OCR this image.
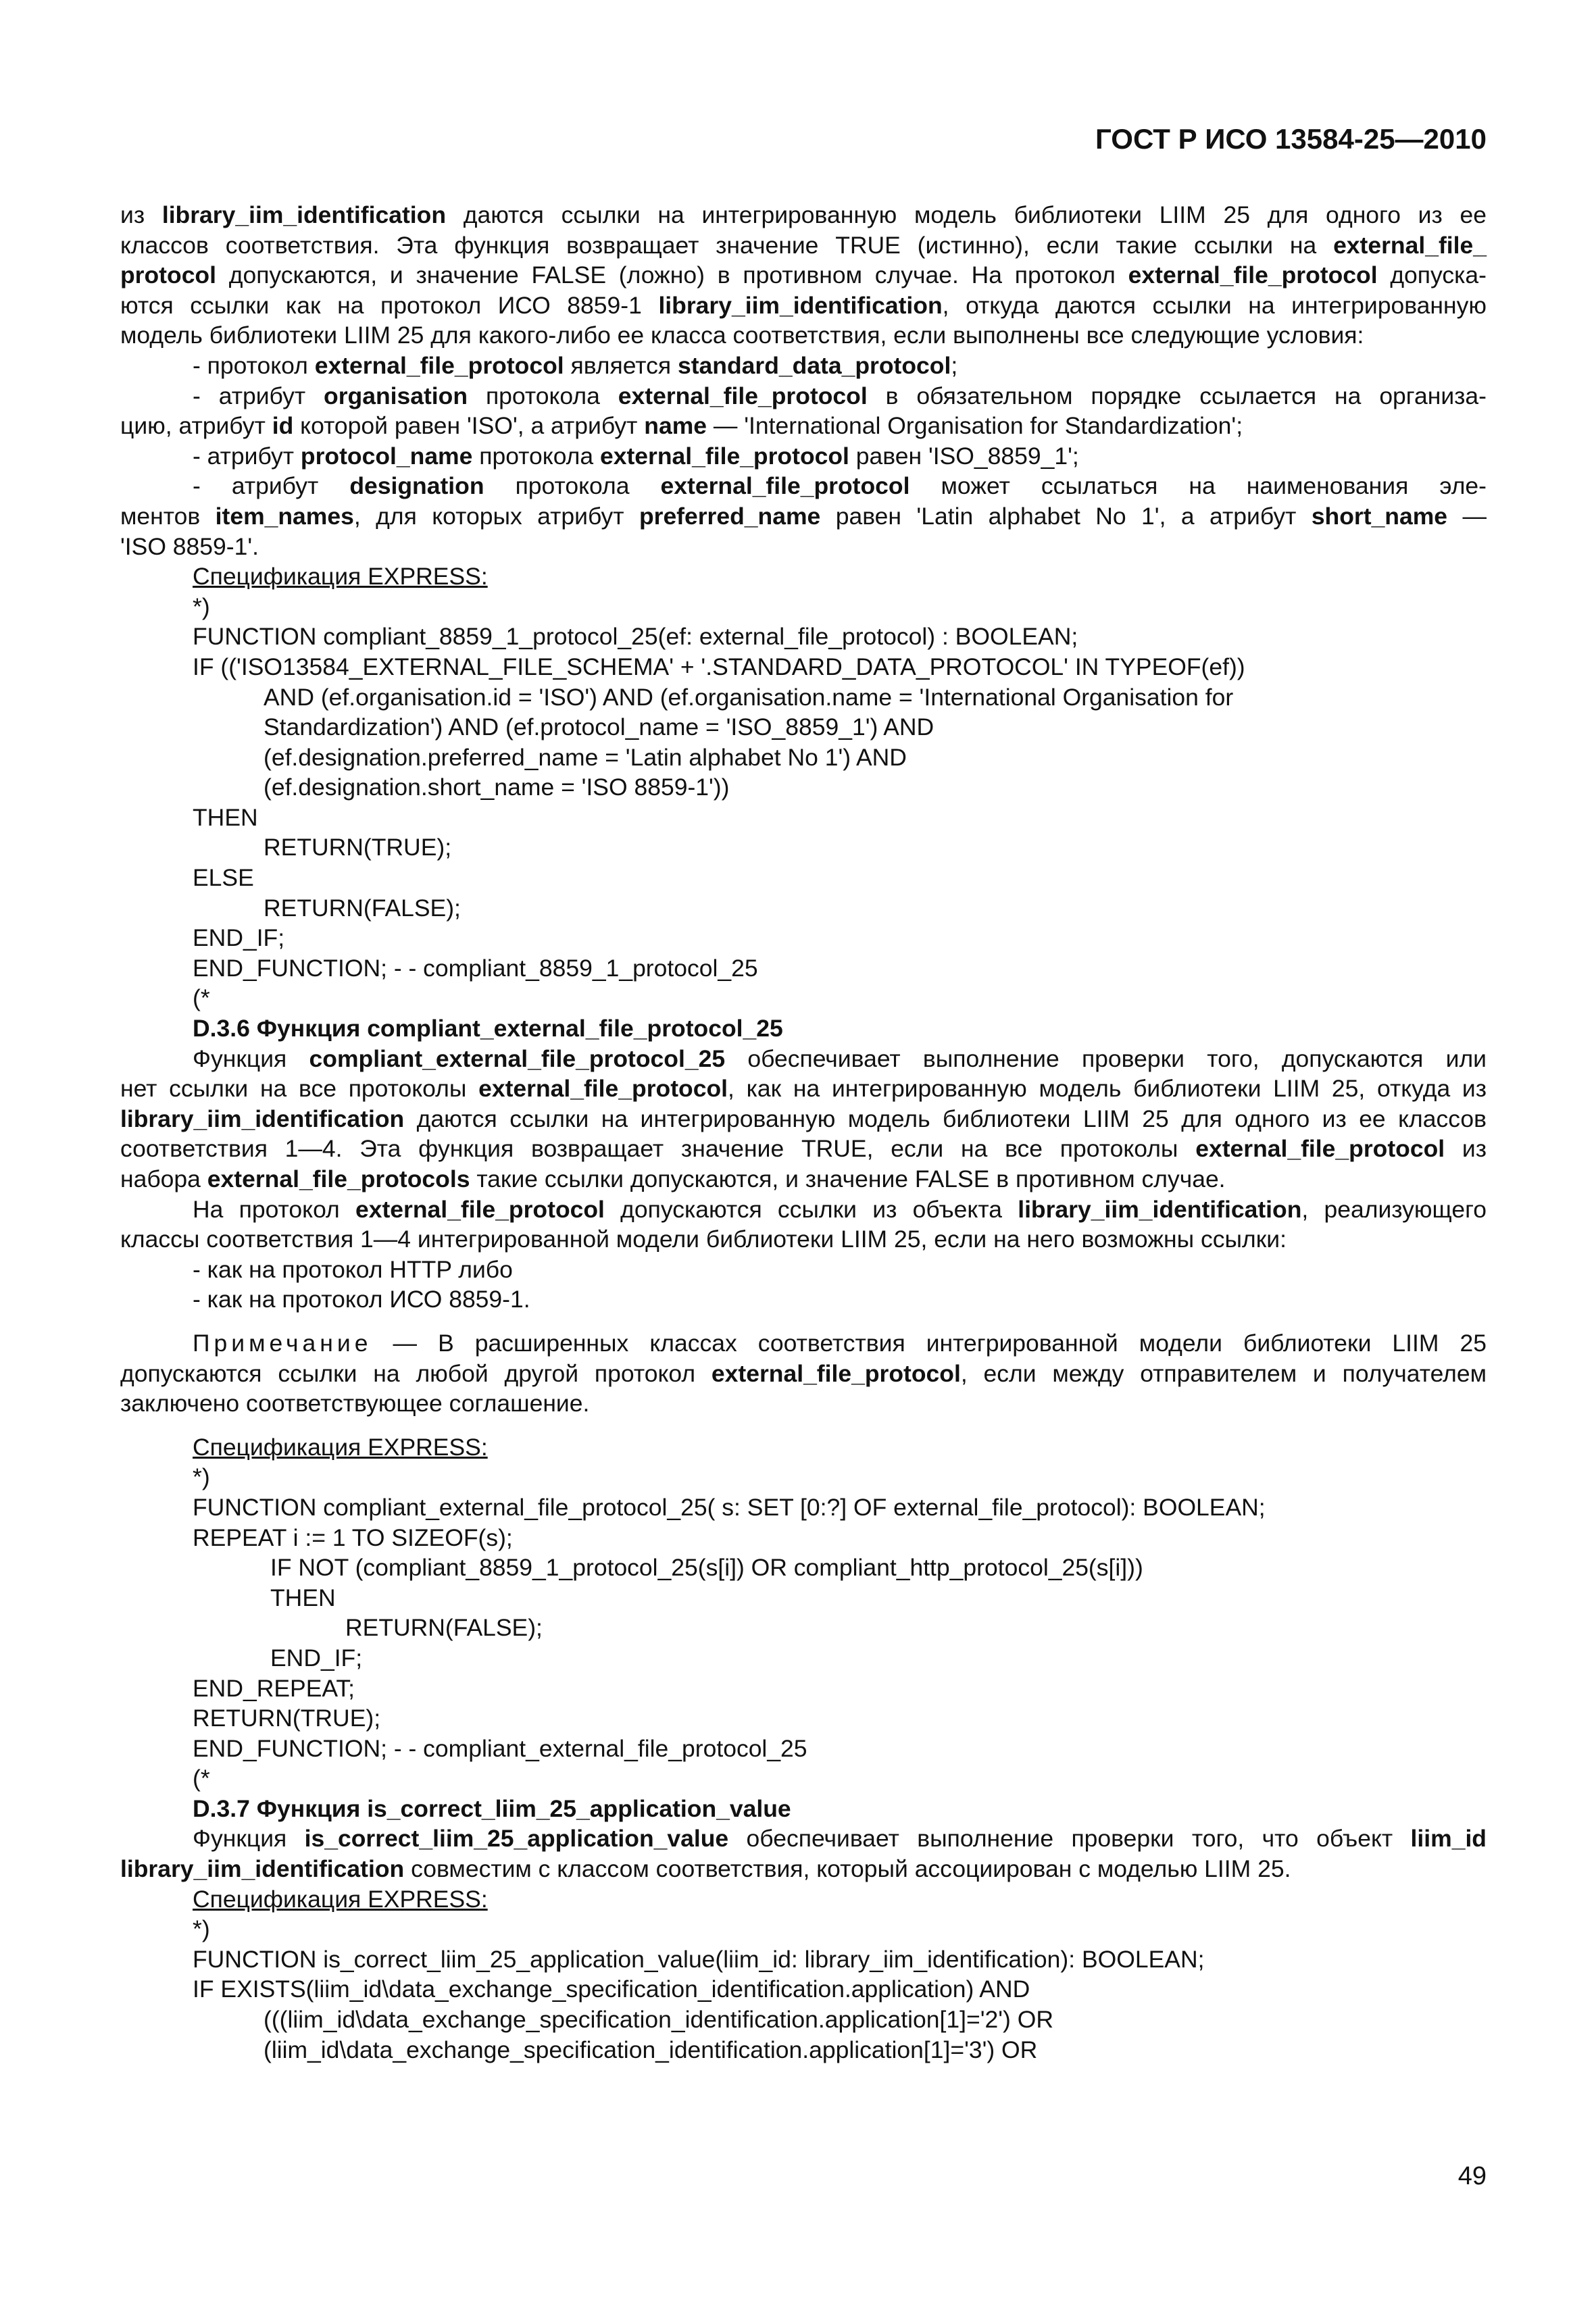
ГОСТ Р ИСО 13584-25—2010
из library_iim_identification даются ссылки на интегрированную модель библиотеки LIIM 25 для одного из ее
классов соответствия. Эта функция возвращает значение TRUE (истинно), если такие ссылки на external_file_
protocol допускаются, и значение FALSE (ложно) в противном случае. На протокол external_file_protocol допуска-
ются ссылки как на протокол ИСО 8859-1 library_iim_identification, откуда даются ссылки на интегрированную
модель библиотеки LIIM 25 для какого-либо ее класса соответствия, если выполнены все следующие условия:
- протокол external_file_protocol является standard_data_protocol;
- атрибут organisation протокола external_file_protocol в обязательном порядке ссылается на организа-
цию, атрибут id которой равен 'ISO', а атрибут name — 'International Organisation for Standardization';
- атрибут protocol_name протокола external_file_protocol равен 'ISO_8859_1';
- атрибут designation протокола external_file_protocol может ссылаться на наименования эле-
ментов item_names, для которых атрибут preferred_name равен 'Latin alphabet No 1', а атрибут short_name —
'ISO 8859-1'.
Спецификация EXPRESS:
*)
FUNCTION compliant_8859_1_protocol_25(ef: external_file_protocol) : BOOLEAN;
IF (('ISO13584_EXTERNAL_FILE_SCHEMA' + '.STANDARD_DATA_PROTOCOL' IN TYPEOF(ef))
AND (ef.organisation.id = 'ISO') AND (ef.organisation.name = 'International Organisation for
Standardization') AND (ef.protocol_name = 'ISO_8859_1') AND
(ef.designation.preferred_name = 'Latin alphabet No 1') AND
(ef.designation.short_name = 'ISO 8859-1'))
THEN
RETURN(TRUE);
ELSE
RETURN(FALSE);
END_IF;
END_FUNCTION; - - compliant_8859_1_protocol_25
(*
D.3.6 Функция compliant_external_file_protocol_25
Функция compliant_external_file_protocol_25 обеспечивает выполнение проверки того, допускаются или
нет ссылки на все протоколы external_file_protocol, как на интегрированную модель библиотеки LIIM 25, откуда из
library_iim_identification даются ссылки на интегрированную модель библиотеки LIIM 25 для одного из ее классов
соответствия 1—4. Эта функция возвращает значение TRUE, если на все протоколы external_file_protocol из
набора external_file_protocols такие ссылки допускаются, и значение FALSE в противном случае.
На протокол external_file_protocol допускаются ссылки из объекта library_iim_identification, реализующего
классы соответствия 1—4 интегрированной модели библиотеки LIIM 25, если на него возможны ссылки:
- как на протокол HTTP либо
- как на протокол ИСО 8859-1.
Примечание — В расширенных классах соответствия интегрированной модели библиотеки LIIM 25
допускаются ссылки на любой другой протокол external_file_protocol, если между отправителем и получателем
заключено соответствующее соглашение.
Спецификация EXPRESS:
*)
FUNCTION compliant_external_file_protocol_25( s: SET [0:?] OF external_file_protocol): BOOLEAN;
REPEAT i := 1 TO SIZEOF(s);
IF NOT (compliant_8859_1_protocol_25(s[i]) OR compliant_http_protocol_25(s[i]))
THEN
RETURN(FALSE);
END_IF;
END_REPEAT;
RETURN(TRUE);
END_FUNCTION; - - compliant_external_file_protocol_25
(*
D.3.7 Функция is_correct_liim_25_application_value
Функция is_correct_liim_25_application_value обеспечивает выполнение проверки того, что объект liim_id
library_iim_identification совместим с классом соответствия, который ассоциирован с моделью LIIM 25.
Спецификация EXPRESS:
*)
FUNCTION is_correct_liim_25_application_value(liim_id: library_iim_identification): BOOLEAN;
IF EXISTS(liim_id\data_exchange_specification_identification.application) AND
(((liim_id\data_exchange_specification_identification.application[1]='2') OR
(liim_id\data_exchange_specification_identification.application[1]='3') OR
49
